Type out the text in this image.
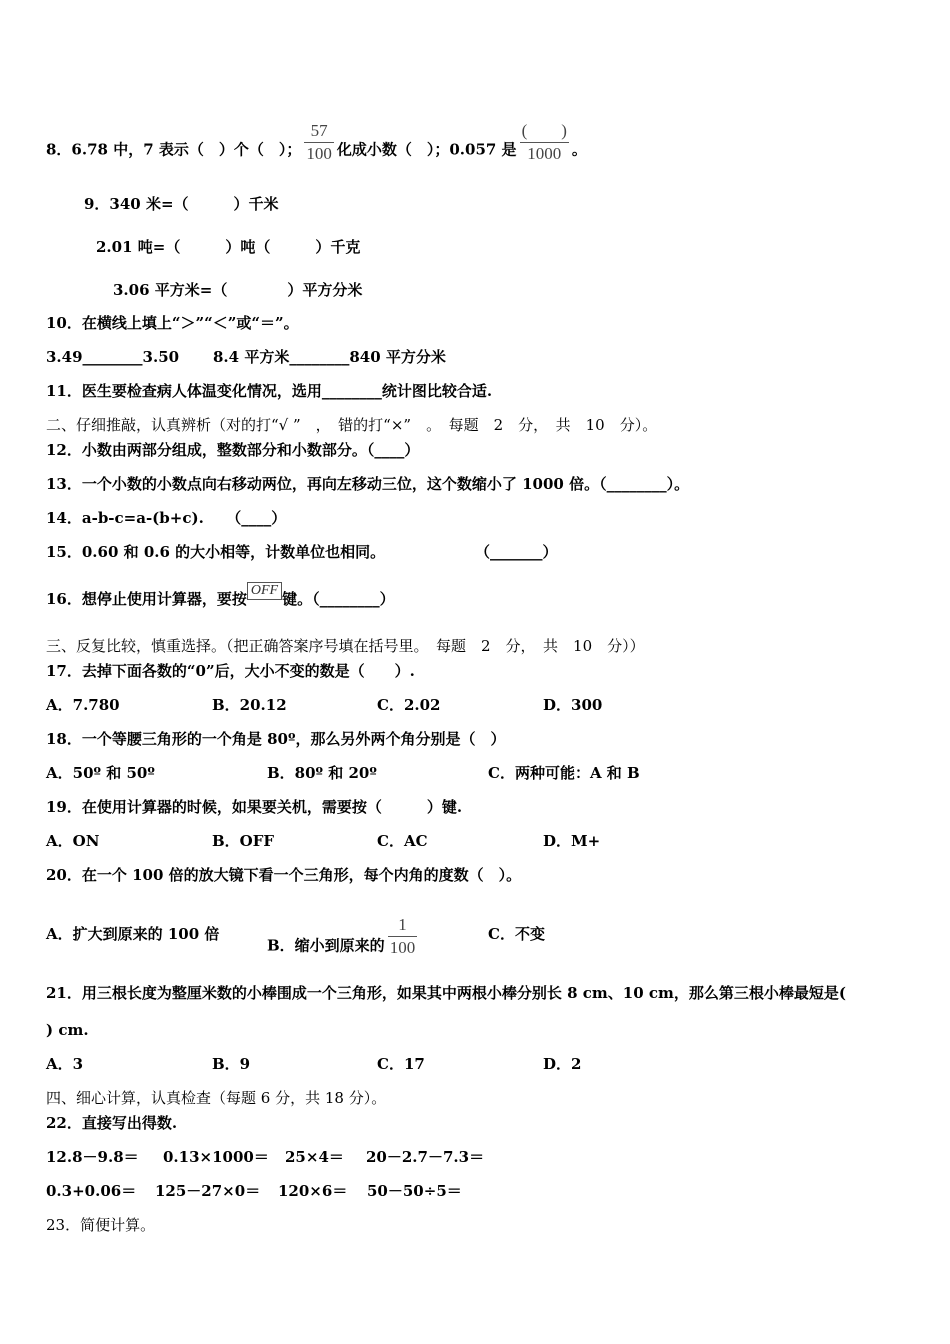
8．6.78 中，7 表示（　）个（　）； $\frac{57}{100}$ 化成小数（　）；0.057 是 $\frac{( )}{1000}$ 。
9．340 米=（　　　）千米
2.01 吨=（　　　）吨（　　　）千克
3.06 平方米=（　　　　）平方分米
10．在横线上填上“＞”“＜”或“＝”。
3.49________3.50 8.4 平方米________840 平方分米
11．医生要检查病人体温变化情况，选用________统计图比较合适.
二、仔细推敲，认真辨析（对的打“√ ”　，　错的打“×”　。　每题　2　分，　共　10　分）。
12．小数由两部分组成，整数部分和小数部分。（____）
13．一个小数的小数点向右移动两位，再向左移动三位，这个数缩小了 1000 倍。（________）。
14．a-b-c=a-(b+c).　　（____）
15．0.60 和 0.6 的大小相等，计数单位也相同。	（_______）
16．想停止使用计算器，要按 OFF 键。（________）
三、反复比较，慎重选择。（把正确答案序号填在括号里。　每题　2　分，　共　10　分））
17．去掉下面各数的“0”后，大小不变的数是（　　）.
A．7.780	B．20.12	C．2.02	D．300
18．一个等腰三角形的一个角是 80º，那么另外两个角分别是（　）
A．50º 和 50º	B．80º 和 20º	C．两种可能：A 和 B
19．在使用计算器的时候，如果要关机，需要按（　　　）键.
A．ON	B．OFF	C．AC	D．M+
20．在一个 100 倍的放大镜下看一个三角形，每个内角的度数（　）。
A．扩大到原来的 100 倍
B．缩小到原来的 $\frac{1}{100}$	C．不变
21．用三根长度为整厘米数的小棒围成一个三角形，如果其中两根小棒分别长 8 cm、10 cm，那么第三根小棒最短是(
) cm.
A．3	B．9	C．17	D．2
四、细心计算，认真检查（每题 6 分，共 18 分）。
22．直接写出得数.
12.8－9.8＝ 0.13×1000＝ 25×4＝ 20－2.7－7.3＝
0.3+0.06＝ 125－27×0＝ 120×6＝ 50－50÷5＝
23．简便计算。
